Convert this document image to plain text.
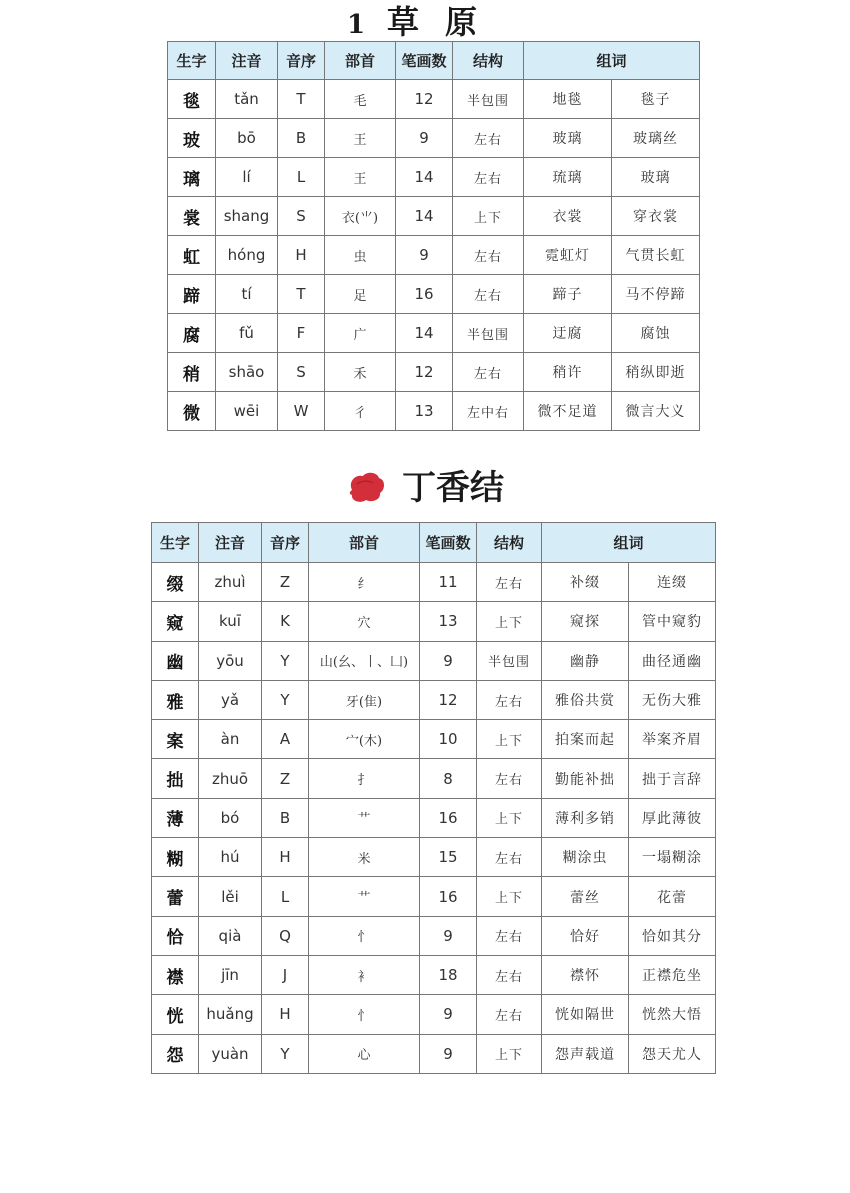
1 草原
生字	注音	音序	部首	笔画数	结构	组词	
毯	tǎn	T	毛	12	半包围	地毯	毯子
玻	bō	B	王	9	左右	玻璃	玻璃丝
璃	lí	L	王	14	左右	琉璃	玻璃
裳	shang	S	衣(⺌)	14	上下	衣裳	穿衣裳
虹	hóng	H	虫	9	左右	霓虹灯	气贯长虹
蹄	tí	T	足	16	左右	蹄子	马不停蹄
腐	fǔ	F	广	14	半包围	迂腐	腐蚀
稍	shāo	S	禾	12	左右	稍许	稍纵即逝
微	wēi	W	彳	13	左中右	微不足道	微言大义
丁香结
生字	注音	音序	部首	笔画数	结构	组词	
缀	zhuì	Z	纟	11	左右	补缀	连缀
窥	kuī	K	穴	13	上下	窥探	管中窥豹
幽	yōu	Y	山(幺、丨、凵)	9	半包围	幽静	曲径通幽
雅	yǎ	Y	牙(隹)	12	左右	雅俗共赏	无伤大雅
案	àn	A	宀(木)	10	上下	拍案而起	举案齐眉
拙	zhuō	Z	扌	8	左右	勤能补拙	拙于言辞
薄	bó	B	艹	16	上下	薄利多销	厚此薄彼
糊	hú	H	米	15	左右	糊涂虫	一塌糊涂
蕾	lěi	L	艹	16	上下	蕾丝	花蕾
恰	qià	Q	忄	9	左右	恰好	恰如其分
襟	jīn	J	衤	18	左右	襟怀	正襟危坐
恍	huǎng	H	忄	9	左右	恍如隔世	恍然大悟
怨	yuàn	Y	心	9	上下	怨声载道	怨天尤人
